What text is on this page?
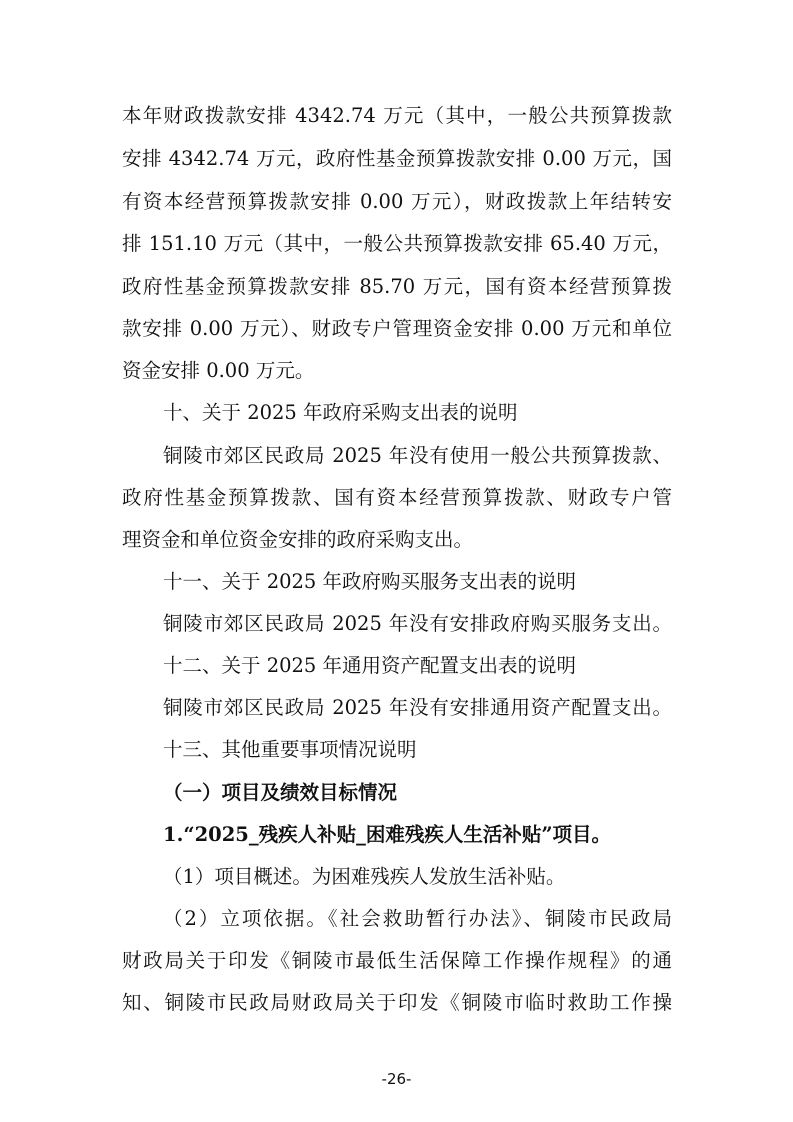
本年财政拨款安排 4342.74 万元（其中，一般公共预算拨款
安排 4342.74 万元，政府性基金预算拨款安排 0.00 万元，国
有资本经营预算拨款安排 0.00 万元），财政拨款上年结转安
排 151.10 万元（其中，一般公共预算拨款安排 65.40 万元，
政府性基金预算拨款安排 85.70 万元，国有资本经营预算拨
款安排 0.00 万元）、财政专户管理资金安排 0.00 万元和单位
资金安排 0.00 万元。
十、关于 2025 年政府采购支出表的说明
铜陵市郊区民政局 2025 年没有使用一般公共预算拨款、
政府性基金预算拨款、国有资本经营预算拨款、财政专户管
理资金和单位资金安排的政府采购支出。
十一、关于 2025 年政府购买服务支出表的说明
铜陵市郊区民政局 2025 年没有安排政府购买服务支出。
十二、关于 2025 年通用资产配置支出表的说明
铜陵市郊区民政局 2025 年没有安排通用资产配置支出。
十三、其他重要事项情况说明
（一）项目及绩效目标情况
1.“2025_残疾人补贴_困难残疾人生活补贴”项目。
（1）项目概述。为困难残疾人发放生活补贴。
（2）立项依据。《社会救助暂行办法》、铜陵市民政局
财政局关于印发《铜陵市最低生活保障工作操作规程》的通
知、铜陵市民政局财政局关于印发《铜陵市临时救助工作操
-26-
